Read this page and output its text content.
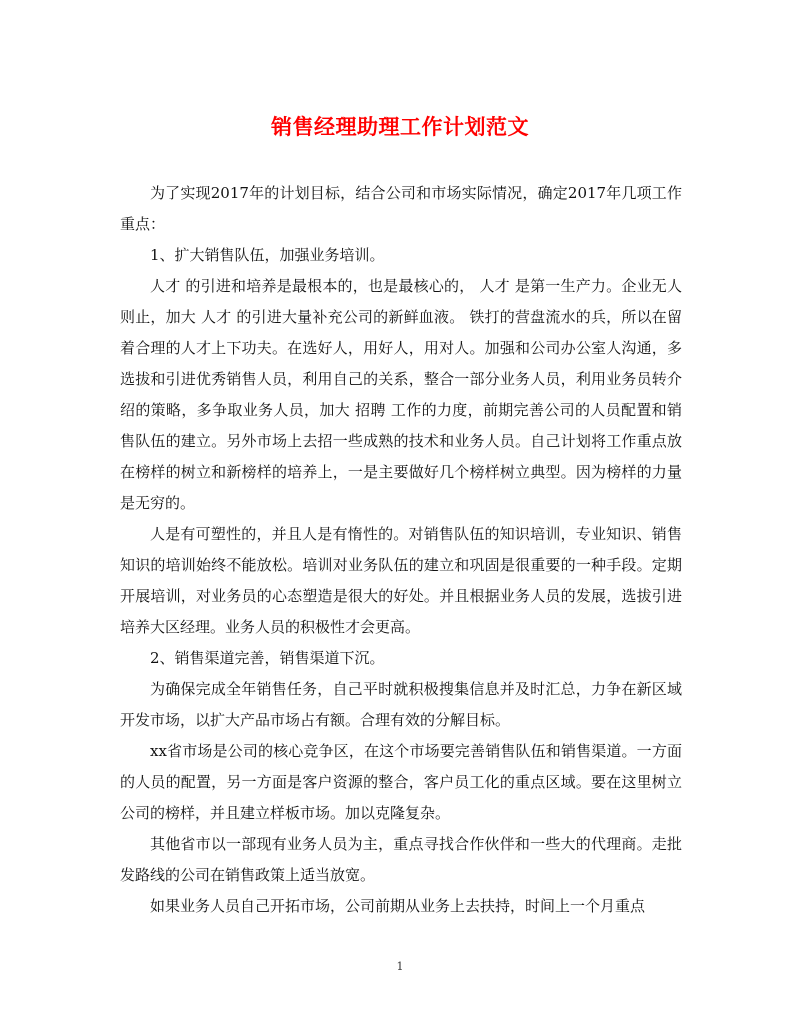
销售经理助理工作计划范文

为了实现2017年的计划目标，结合公司和市场实际情况，确定2017年几项工作重点：

1、扩大销售队伍，加强业务培训。

人才 的引进和培养是最根本的，也是最核心的， 人才 是第一生产力。企业无人则止，加大 人才 的引进大量补充公司的新鲜血液。 铁打的营盘流水的兵，所以在留着合理的人才上下功夫。在选好人，用好人，用对人。加强和公司办公室人沟通，多选拔和引进优秀销售人员，利用自己的关系，整合一部分业务人员，利用业务员转介绍的策略，多争取业务人员，加大 招聘 工作的力度，前期完善公司的人员配置和销售队伍的建立。另外市场上去招一些成熟的技术和业务人员。自己计划将工作重点放在榜样的树立和新榜样的培养上，一是主要做好几个榜样树立典型。因为榜样的力量是无穷的。

人是有可塑性的，并且人是有惰性的。对销售队伍的知识培训，专业知识、销售知识的培训始终不能放松。培训对业务队伍的建立和巩固是很重要的一种手段。定期开展培训，对业务员的心态塑造是很大的好处。并且根据业务人员的发展，选拔引进培养大区经理。业务人员的积极性才会更高。

2、销售渠道完善，销售渠道下沉。

为确保完成全年销售任务，自己平时就积极搜集信息并及时汇总，力争在新区域开发市场，以扩大产品市场占有额。合理有效的分解目标。

xx省市场是公司的核心竞争区，在这个市场要完善销售队伍和销售渠道。一方面的人员的配置，另一方面是客户资源的整合，客户员工化的重点区域。要在这里树立公司的榜样，并且建立样板市场。加以克隆复杂。

其他省市以一部现有业务人员为主，重点寻找合作伙伴和一些大的代理商。走批发路线的公司在销售政策上适当放宽。

如果业务人员自己开拓市场，公司前期从业务上去扶持，时间上一个月重点

1
